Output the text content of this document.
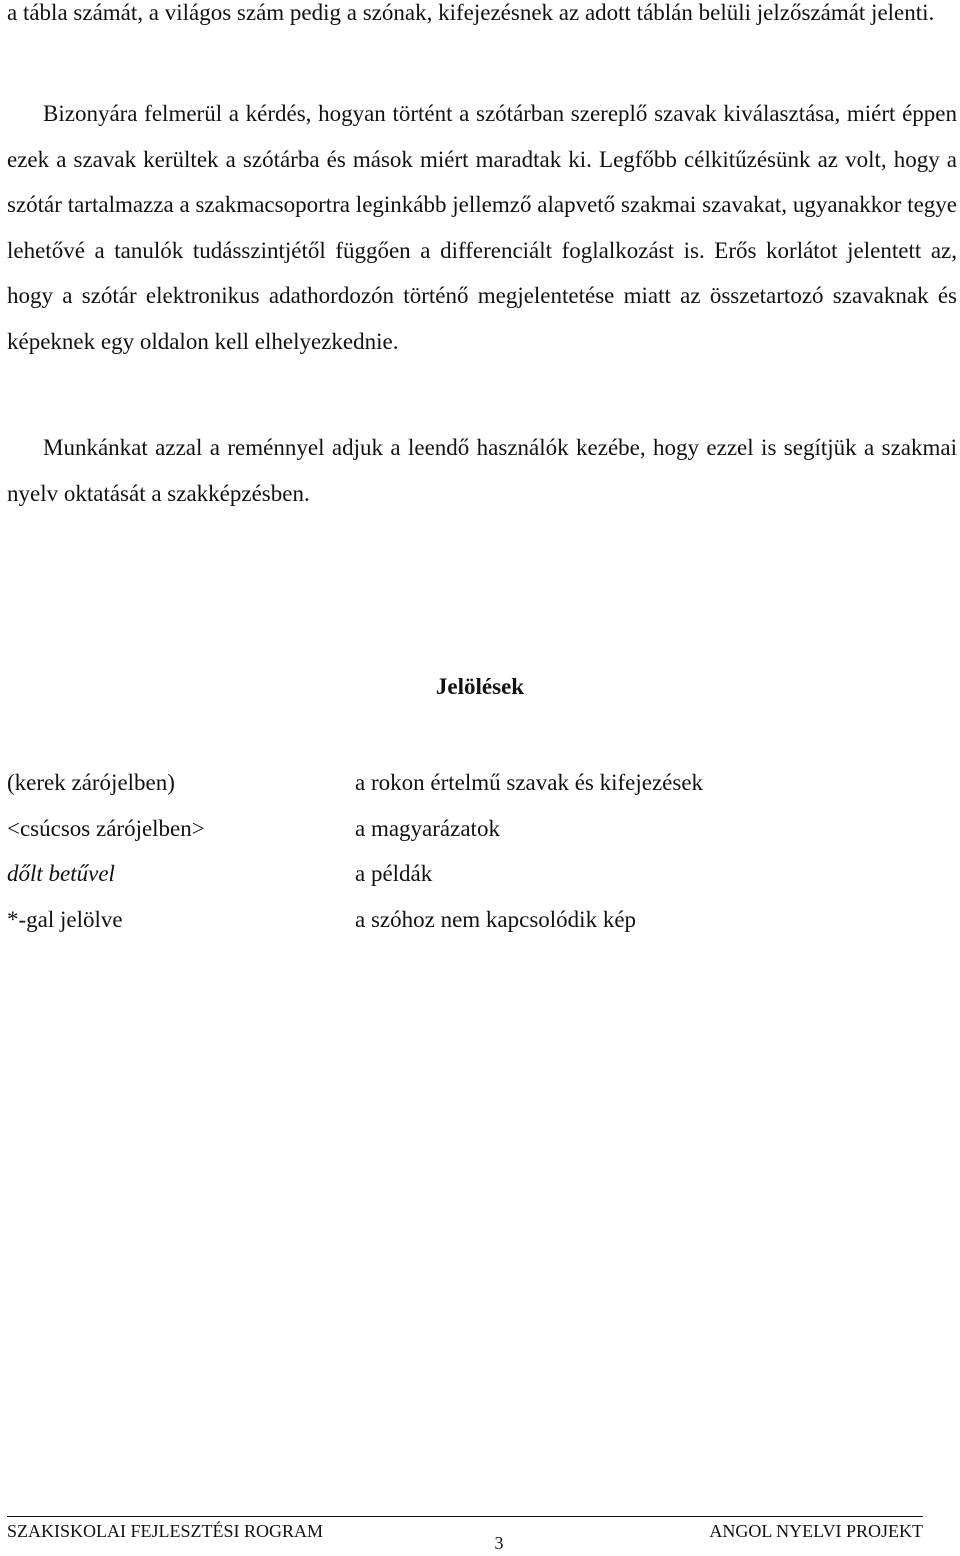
a tábla számát, a világos szám pedig a szónak, kifejezésnek az adott táblán belüli jelzőszámát jelenti.

Bizonyára felmerül a kérdés, hogyan történt a szótárban szereplő szavak kiválasztása, miért éppen ezek a szavak kerültek a szótárba és mások miért maradtak ki. Legfőbb célkitűzésünk az volt, hogy a szótár tartalmazza a szakmacsoportra leginkább jellemző alapvető szakmai szavakat, ugyanakkor tegye lehetővé a tanulók tudásszintjétől függően a differenciált foglalkozást is. Erős korlátot jelentett az, hogy a szótár elektronikus adathordozón történő megjelentetése miatt az összetartozó szavaknak és képeknek egy oldalon kell elhelyezkednie.

Munkánkat azzal a reménnyel adjuk a leendő használók kezébe, hogy ezzel is segítjük a szakmai nyelv oktatását a szakképzésben.

Jelölések
(kerek zárójelben)	a rokon értelmű szavak és kifejezések
<csúcsos zárójelben>	a magyarázatok
dőlt betűvel	a példák
*-gal jelölve	a szóhoz nem kapcsolódik kép
SZAKISKOLAI FEJLESZTÉSI ROGRAM
3
ANGOL NYELVI PROJEKT
